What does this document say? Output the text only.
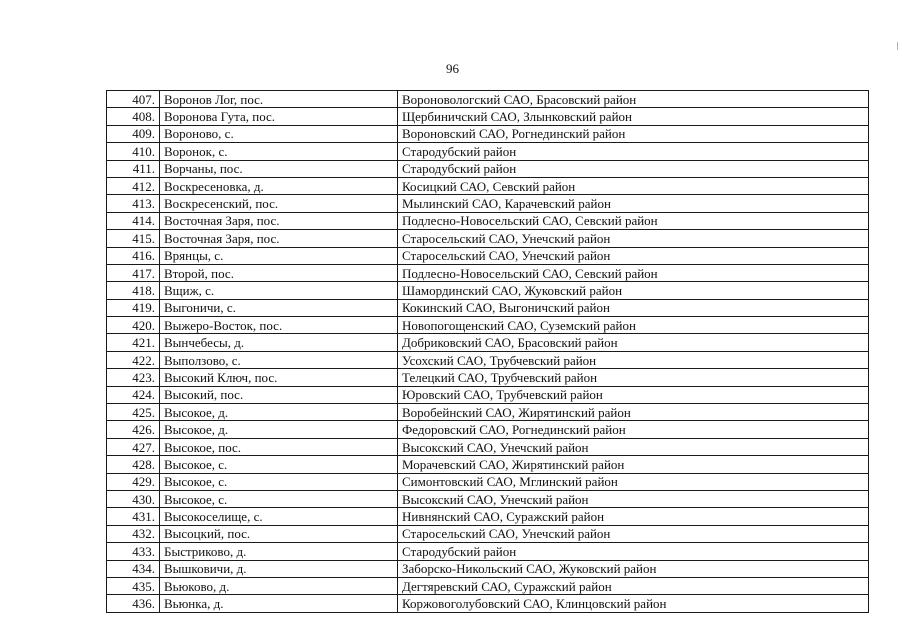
96
407.	Воронов Лог, пос.	Вороновологский САО, Брасовский район
408.	Воронова Гута, пос.	Щербиничский САО, Злынковский район
409.	Вороново, с.	Вороновский САО, Рогнединский район
410.	Воронок, с.	Стародубский район
411.	Ворчаны, пос.	Стародубский район
412.	Воскресеновка, д.	Косицкий САО, Севский район
413.	Воскресенский, пос.	Мылинский САО, Карачевский район
414.	Восточная Заря, пос.	Подлесно-Новосельский САО, Севский район
415.	Восточная Заря, пос.	Старосельский САО, Унечский район
416.	Врянцы, с.	Старосельский САО, Унечский район
417.	Второй, пос.	Подлесно-Новосельский САО, Севский район
418.	Вщиж, с.	Шамординский САО, Жуковский район
419.	Выгоничи, с.	Кокинский САО, Выгоничский район
420.	Выжеро-Восток, пос.	Новопогощенский САО, Суземский район
421.	Вынчебесы, д.	Добриковский САО, Брасовский район
422.	Выползово, с.	Усохский САО, Трубчевский район
423.	Высокий Ключ, пос.	Телецкий САО, Трубчевский район
424.	Высокий, пос.	Юровский САО, Трубчевский район
425.	Высокое, д.	Воробейнский САО, Жирятинский район
426.	Высокое, д.	Федоровский САО, Рогнединский район
427.	Высокое, пос.	Высокский САО, Унечский район
428.	Высокое, с.	Морачевский САО, Жирятинский район
429.	Высокое, с.	Симонтовский САО, Мглинский район
430.	Высокое, с.	Высокский САО, Унечский район
431.	Высокоселище, с.	Нивнянский САО, Суражский район
432.	Высоцкий, пос.	Старосельский САО, Унечский район
433.	Быстриково, д.	Стародубский район
434.	Вышковичи, д.	Заборско-Никольский САО, Жуковский район
435.	Вьюково, д.	Дегтяревский САО, Суражский район
436.	Вьюнка, д.	Коржовоголубовский САО, Клинцовский район
